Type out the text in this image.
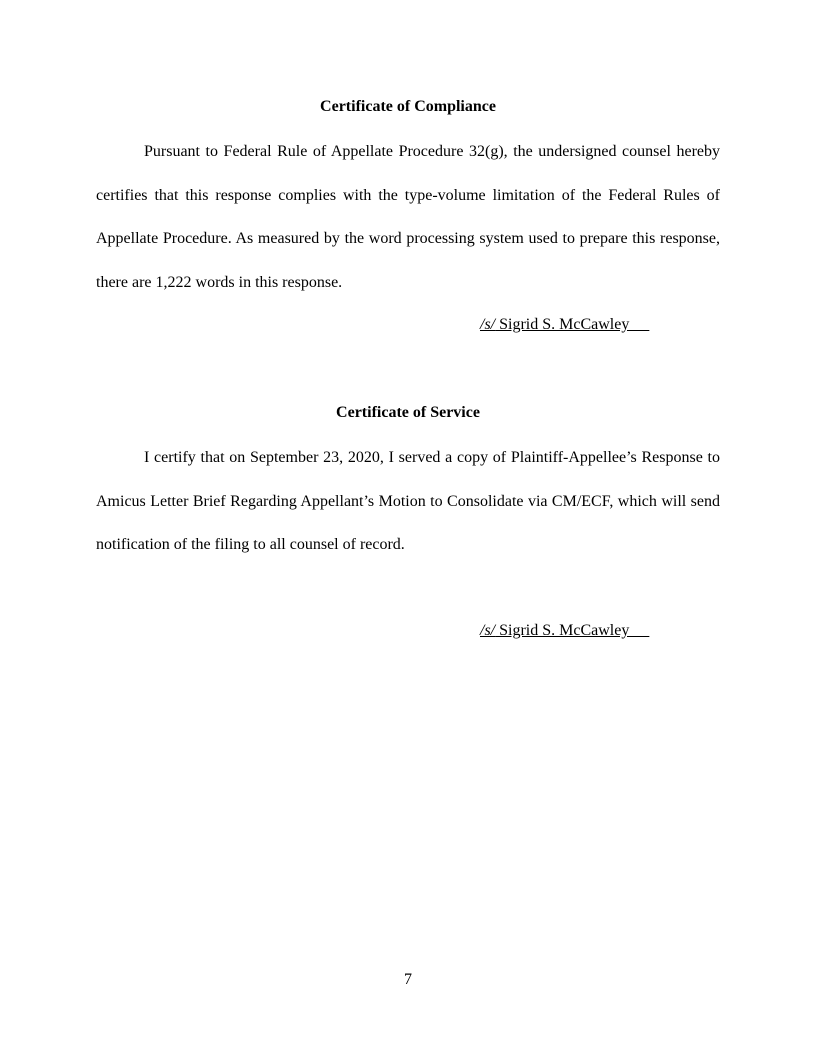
Certificate of Compliance

Pursuant to Federal Rule of Appellate Procedure 32(g), the undersigned counsel hereby certifies that this response complies with the type-volume limitation of the Federal Rules of Appellate Procedure. As measured by the word processing system used to prepare this response, there are 1,222 words in this response.

/s/ Sigrid S. McCawley
Certificate of Service

I certify that on September 23, 2020, I served a copy of Plaintiff-Appellee’s Response to Amicus Letter Brief Regarding Appellant’s Motion to Consolidate via CM/ECF, which will send notification of the filing to all counsel of record.

/s/ Sigrid S. McCawley
7
